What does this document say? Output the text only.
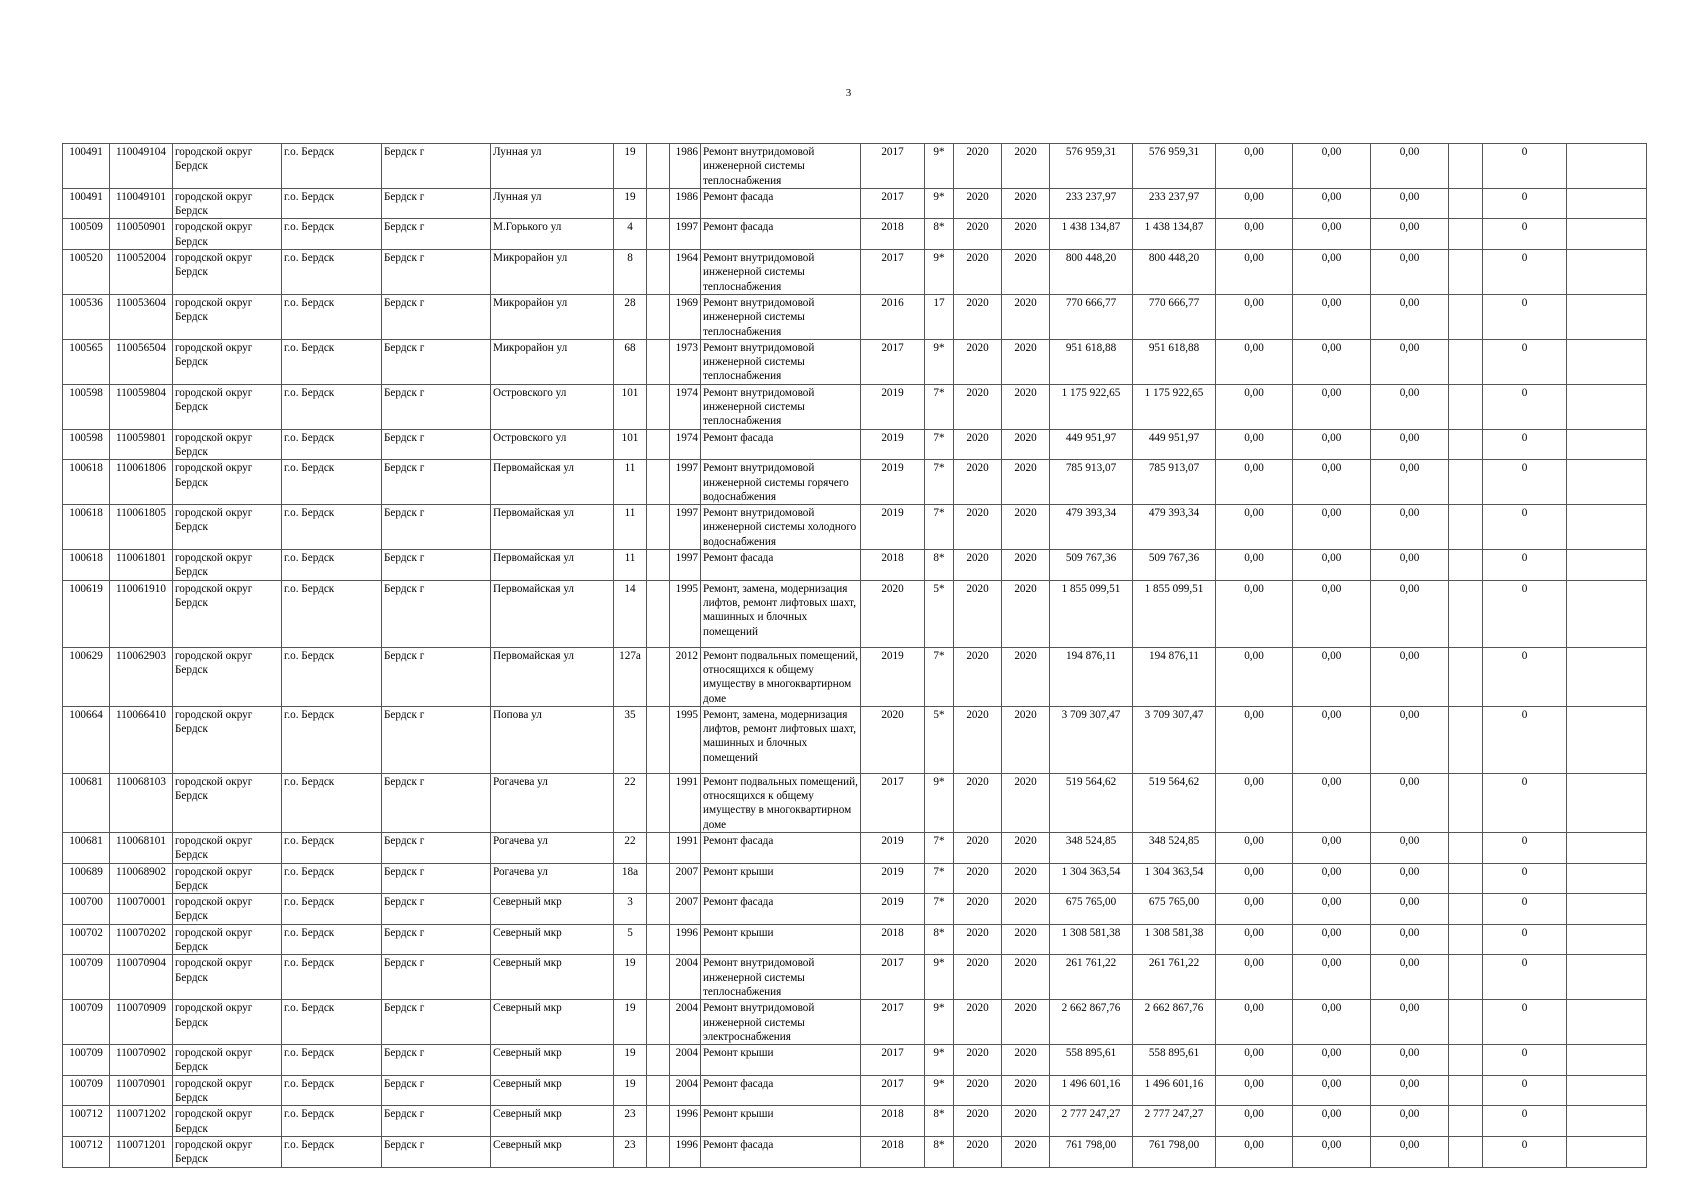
3
100491	110049104	городской округ Бердск	г.о. Бердск	Бердск г	Лунная ул	19		1986	Ремонт внутридомовой инженерной системы теплоснабжения	2017	9*	2020	2020	576 959,31	576 959,31	0,00	0,00	0,00		0	
100491	110049101	городской округ Бердск	г.о. Бердск	Бердск г	Лунная ул	19		1986	Ремонт фасада	2017	9*	2020	2020	233 237,97	233 237,97	0,00	0,00	0,00		0	
100509	110050901	городской округ Бердск	г.о. Бердск	Бердск г	М.Горького ул	4		1997	Ремонт фасада	2018	8*	2020	2020	1 438 134,87	1 438 134,87	0,00	0,00	0,00		0	
100520	110052004	городской округ Бердск	г.о. Бердск	Бердск г	Микрорайон ул	8		1964	Ремонт внутридомовой инженерной системы теплоснабжения	2017	9*	2020	2020	800 448,20	800 448,20	0,00	0,00	0,00		0	
100536	110053604	городской округ Бердск	г.о. Бердск	Бердск г	Микрорайон ул	28		1969	Ремонт внутридомовой инженерной системы теплоснабжения	2016	17	2020	2020	770 666,77	770 666,77	0,00	0,00	0,00		0	
100565	110056504	городской округ Бердск	г.о. Бердск	Бердск г	Микрорайон ул	68		1973	Ремонт внутридомовой инженерной системы теплоснабжения	2017	9*	2020	2020	951 618,88	951 618,88	0,00	0,00	0,00		0	
100598	110059804	городской округ Бердск	г.о. Бердск	Бердск г	Островского ул	101		1974	Ремонт внутридомовой инженерной системы теплоснабжения	2019	7*	2020	2020	1 175 922,65	1 175 922,65	0,00	0,00	0,00		0	
100598	110059801	городской округ Бердск	г.о. Бердск	Бердск г	Островского ул	101		1974	Ремонт фасада	2019	7*	2020	2020	449 951,97	449 951,97	0,00	0,00	0,00		0	
100618	110061806	городской округ Бердск	г.о. Бердск	Бердск г	Первомайская ул	11		1997	Ремонт внутридомовой инженерной системы горячего водоснабжения	2019	7*	2020	2020	785 913,07	785 913,07	0,00	0,00	0,00		0	
100618	110061805	городской округ Бердск	г.о. Бердск	Бердск г	Первомайская ул	11		1997	Ремонт внутридомовой инженерной системы холодного водоснабжения	2019	7*	2020	2020	479 393,34	479 393,34	0,00	0,00	0,00		0	
100618	110061801	городской округ Бердск	г.о. Бердск	Бердск г	Первомайская ул	11		1997	Ремонт фасада	2018	8*	2020	2020	509 767,36	509 767,36	0,00	0,00	0,00		0	
100619	110061910	городской округ Бердск	г.о. Бердск	Бердск г	Первомайская ул	14		1995	Ремонт, замена, модернизация лифтов, ремонт лифтовых шахт, машинных и блочных помещений	2020	5*	2020	2020	1 855 099,51	1 855 099,51	0,00	0,00	0,00		0	
100629	110062903	городской округ Бердск	г.о. Бердск	Бердск г	Первомайская ул	127а		2012	Ремонт подвальных помещений, относящихся к общему имуществу в многоквартирном доме	2019	7*	2020	2020	194 876,11	194 876,11	0,00	0,00	0,00		0	
100664	110066410	городской округ Бердск	г.о. Бердск	Бердск г	Попова ул	35		1995	Ремонт, замена, модернизация лифтов, ремонт лифтовых шахт, машинных и блочных помещений	2020	5*	2020	2020	3 709 307,47	3 709 307,47	0,00	0,00	0,00		0	
100681	110068103	городской округ Бердск	г.о. Бердск	Бердск г	Рогачева ул	22		1991	Ремонт подвальных помещений, относящихся к общему имуществу в многоквартирном доме	2017	9*	2020	2020	519 564,62	519 564,62	0,00	0,00	0,00		0	
100681	110068101	городской округ Бердск	г.о. Бердск	Бердск г	Рогачева ул	22		1991	Ремонт фасада	2019	7*	2020	2020	348 524,85	348 524,85	0,00	0,00	0,00		0	
100689	110068902	городской округ Бердск	г.о. Бердск	Бердск г	Рогачева ул	18а		2007	Ремонт крыши	2019	7*	2020	2020	1 304 363,54	1 304 363,54	0,00	0,00	0,00		0	
100700	110070001	городской округ Бердск	г.о. Бердск	Бердск г	Северный мкр	3		2007	Ремонт фасада	2019	7*	2020	2020	675 765,00	675 765,00	0,00	0,00	0,00		0	
100702	110070202	городской округ Бердск	г.о. Бердск	Бердск г	Северный мкр	5		1996	Ремонт крыши	2018	8*	2020	2020	1 308 581,38	1 308 581,38	0,00	0,00	0,00		0	
100709	110070904	городской округ Бердск	г.о. Бердск	Бердск г	Северный мкр	19		2004	Ремонт внутридомовой инженерной системы теплоснабжения	2017	9*	2020	2020	261 761,22	261 761,22	0,00	0,00	0,00		0	
100709	110070909	городской округ Бердск	г.о. Бердск	Бердск г	Северный мкр	19		2004	Ремонт внутридомовой инженерной системы электроснабжения	2017	9*	2020	2020	2 662 867,76	2 662 867,76	0,00	0,00	0,00		0	
100709	110070902	городской округ Бердск	г.о. Бердск	Бердск г	Северный мкр	19		2004	Ремонт крыши	2017	9*	2020	2020	558 895,61	558 895,61	0,00	0,00	0,00		0	
100709	110070901	городской округ Бердск	г.о. Бердск	Бердск г	Северный мкр	19		2004	Ремонт фасада	2017	9*	2020	2020	1 496 601,16	1 496 601,16	0,00	0,00	0,00		0	
100712	110071202	городской округ Бердск	г.о. Бердск	Бердск г	Северный мкр	23		1996	Ремонт крыши	2018	8*	2020	2020	2 777 247,27	2 777 247,27	0,00	0,00	0,00		0	
100712	110071201	городской округ Бердск	г.о. Бердск	Бердск г	Северный мкр	23		1996	Ремонт фасада	2018	8*	2020	2020	761 798,00	761 798,00	0,00	0,00	0,00		0	
